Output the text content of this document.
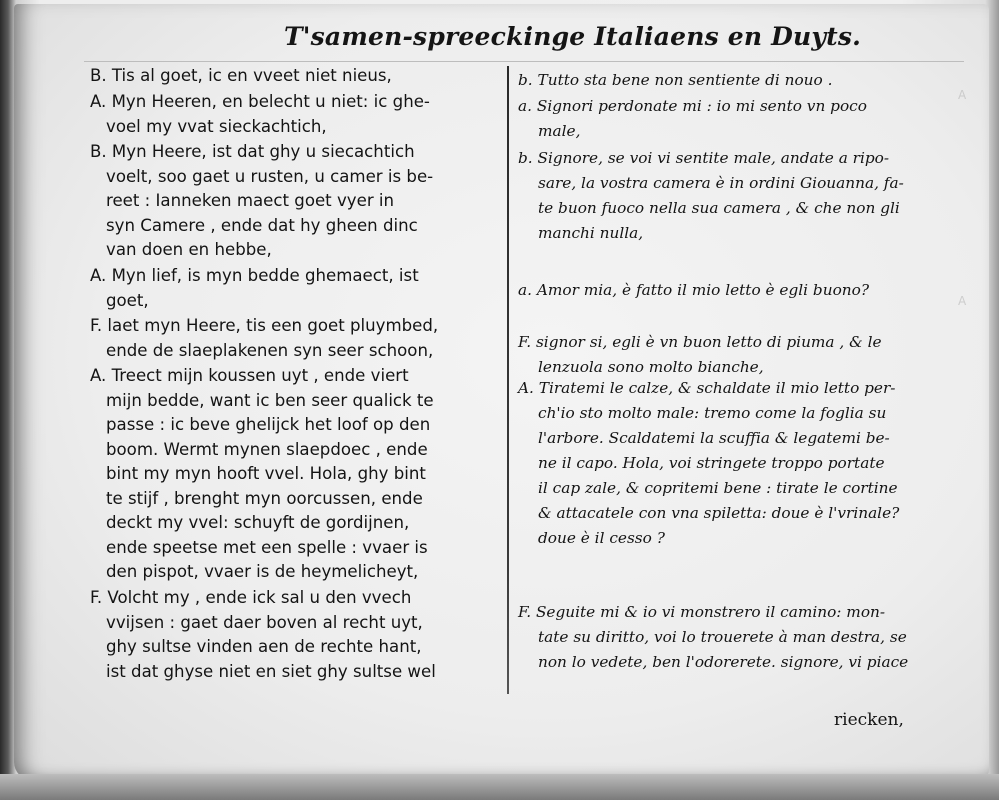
T'samen-spreeckinge Italiaens en Duyts.
A
A
B. Tis al goet, ic en vveet niet nieus,
A. Myn Heeren, en belecht u niet: ic ghe-
voel my vvat sieckachtich,
B. Myn Heere, ist dat ghy u siecachtich
voelt, soo gaet u rusten, u camer is be-
reet : Ianneken maect goet vyer in
syn Camere , ende dat hy gheen dinc
van doen en hebbe,
A. Myn lief, is myn bedde ghemaect, ist
goet,
F. laet myn Heere, tis een goet pluymbed,
ende de slaeplakenen syn seer schoon,
A. Treect mijn koussen uyt , ende viert
mijn bedde, want ic ben seer qualick te
passe : ic beve ghelijck het loof op den
boom. Wermt mynen slaepdoec , ende
bint my myn hooft vvel. Hola, ghy bint
te stijf , brenght myn oorcussen, ende
deckt my vvel: schuyft de gordijnen,
ende speetse met een spelle : vvaer is
den pispot, vvaer is de heymelicheyt,
F. Volcht my , ende ick sal u den vvech
vvijsen : gaet daer boven al recht uyt,
ghy sultse vinden aen de rechte hant,
ist dat ghyse niet en siet ghy sultse wel
b. Tutto sta bene non sentiente di nouo .
a. Signori perdonate mi : io mi sento vn poco
male,
b. Signore, se voi vi sentite male, andate a ripo-
sare, la vostra camera è in ordini Giouanna, fa-
te buon fuoco nella sua camera , & che non gli
manchi nulla,
a. Amor mia, è fatto il mio letto è egli buono?
F. signor si, egli è vn buon letto di piuma , & le
lenzuola sono molto bianche,
A. Tiratemi le calze, & schaldate il mio letto per-
ch'io sto molto male: tremo come la foglia su
l'arbore. Scaldatemi la scuffia & legatemi be-
ne il capo. Hola, voi stringete troppo portate
il cap zale, & copritemi bene : tirate le cortine
& attacatele con vna spiletta: doue è l'vrinale?
doue è il cesso ?
F. Seguite mi & io vi monstrero il camino: mon-
tate su diritto, voi lo trouerete à man destra, se
non lo vedete, ben l'odorerete. signore, vi piace
riecken,
